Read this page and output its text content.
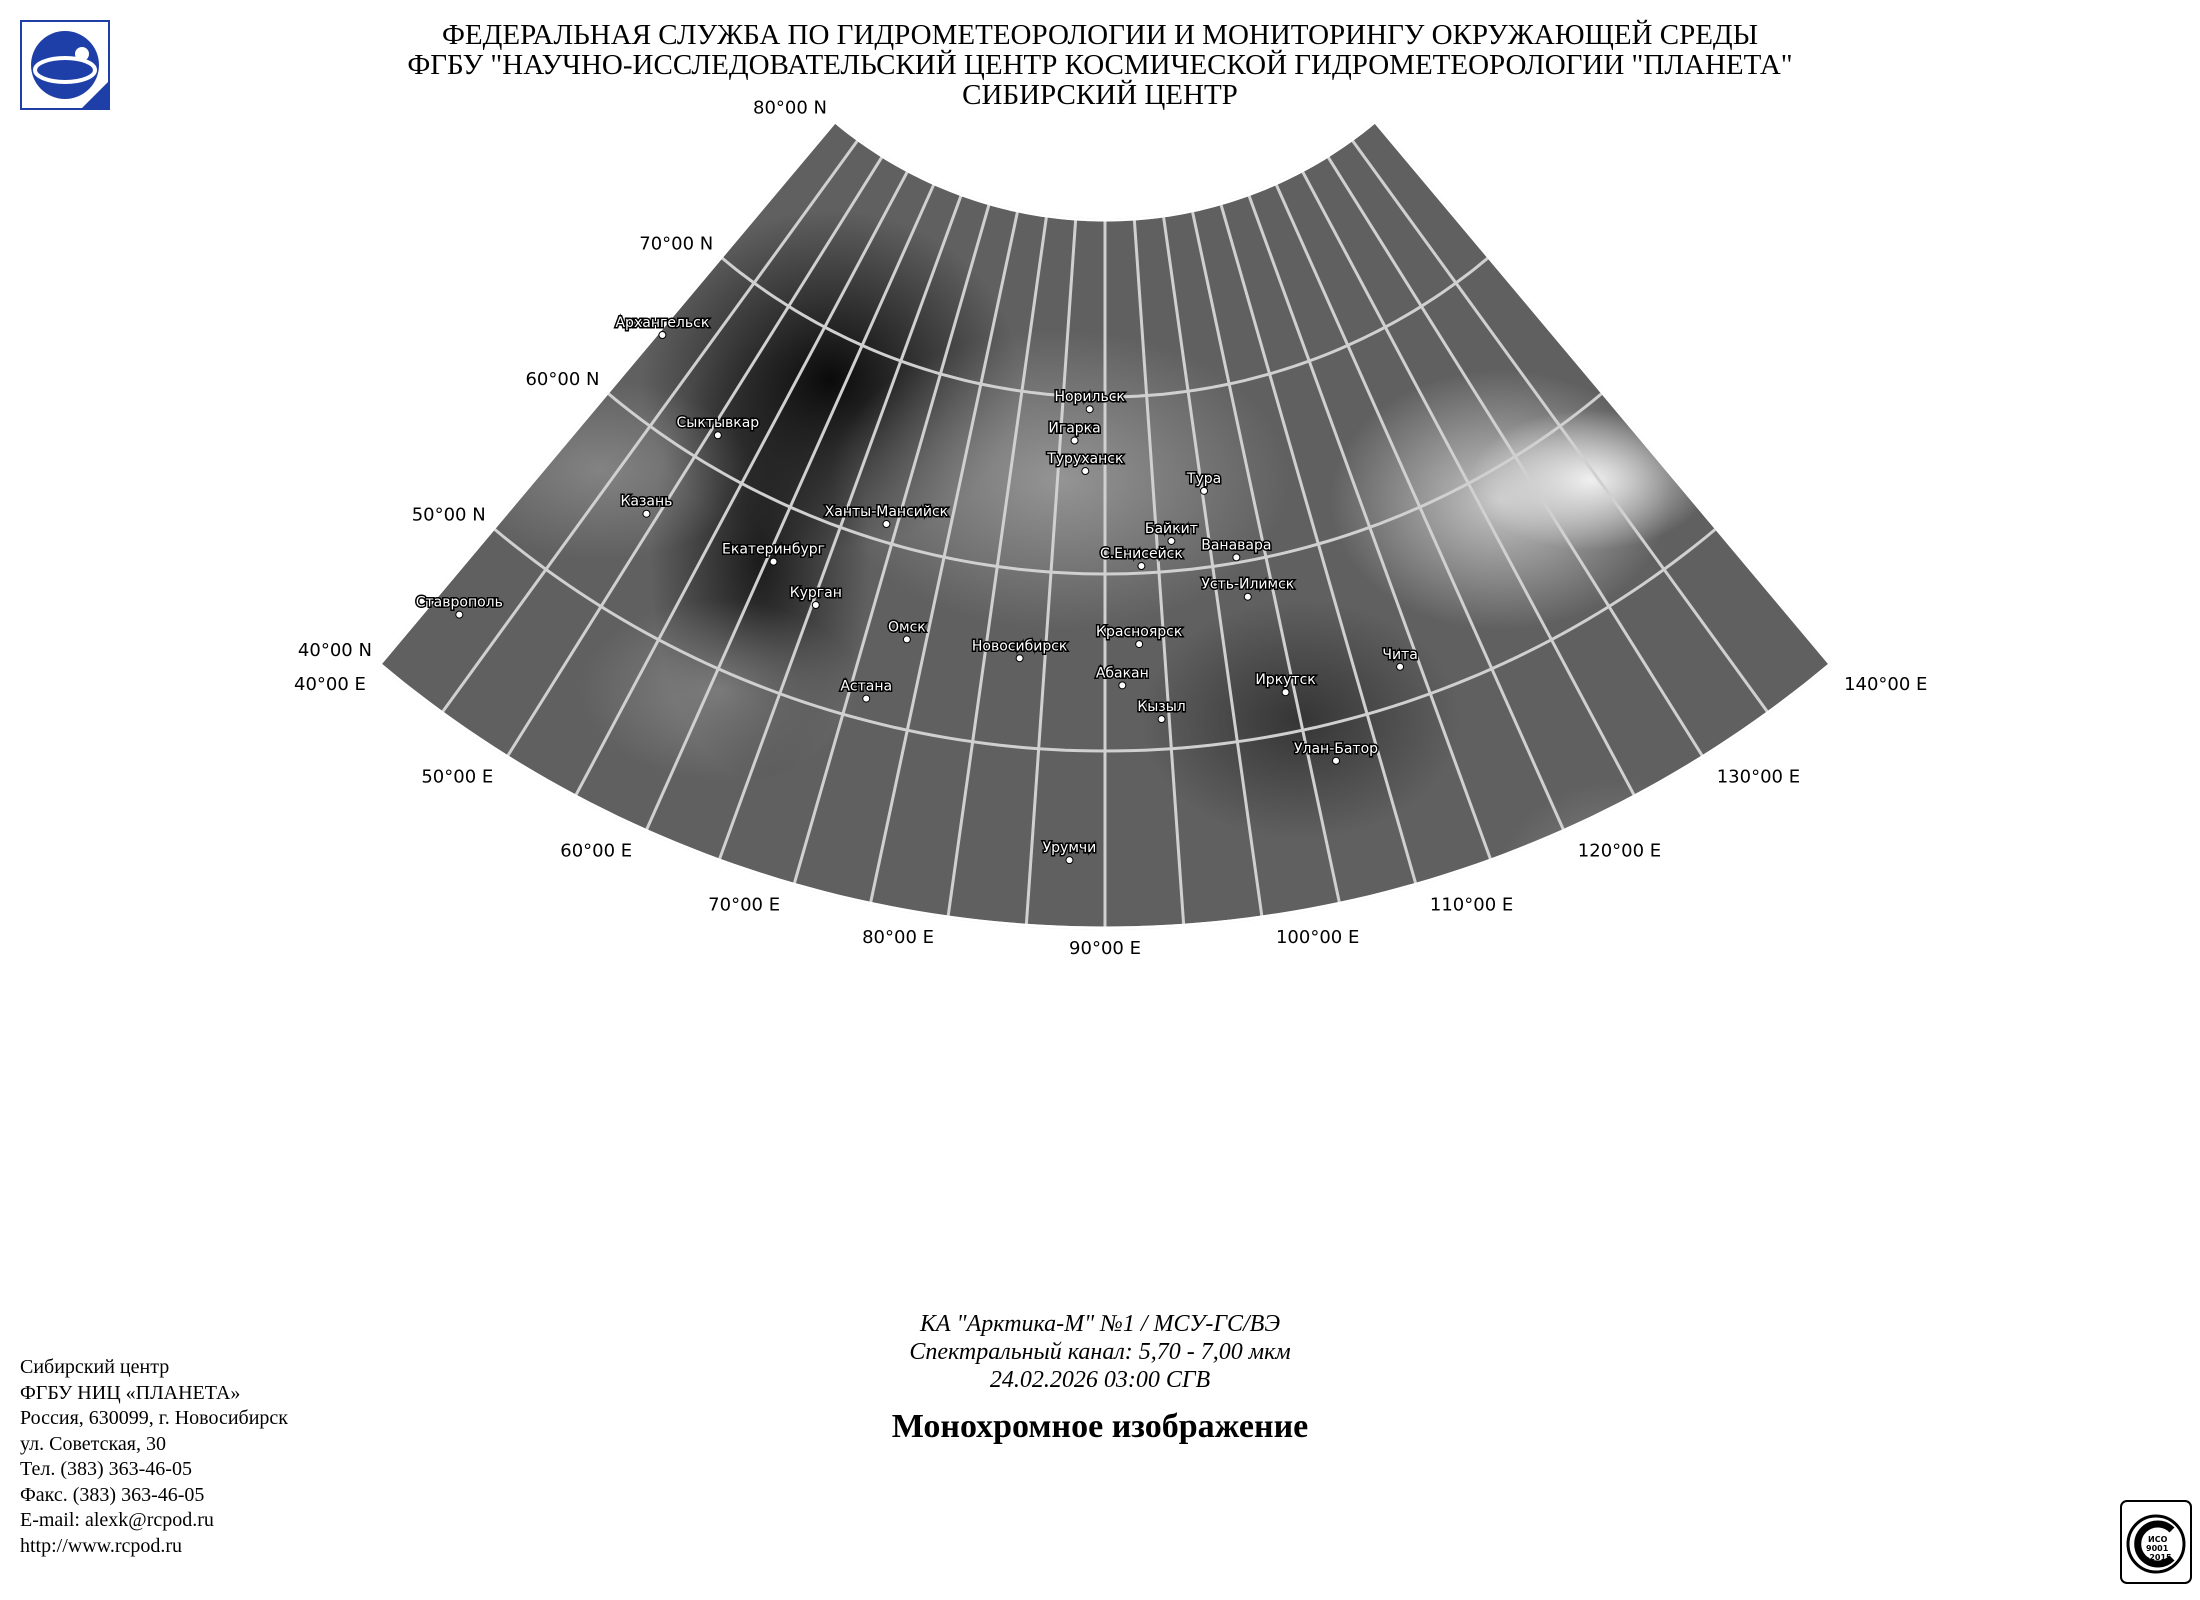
ФЕДЕРАЛЬНАЯ СЛУЖБА ПО ГИДРОМЕТЕОРОЛОГИИ И МОНИТОРИНГУ ОКРУЖАЮЩЕЙ СРЕДЫ
ФГБУ "НАУЧНО-ИССЛЕДОВАТЕЛЬСКИЙ ЦЕНТР КОСМИЧЕСКОЙ ГИДРОМЕТЕОРОЛОГИИ "ПЛАНЕТА"
СИБИРСКИЙ ЦЕНТР
80°00 N
70°00 N
60°00 N
50°00 N
40°00 N
40°00 E
50°00 E
60°00 E
70°00 E
80°00 E
90°00 E
100°00 E
110°00 E
120°00 E
130°00 E
140°00 E
Архангельск
Сыктывкар
Казань
Ставрополь
Екатеринбург
Курган
Ханты-Мансийск
Омск
Астана
Новосибирск
Норильск
Игарка
Туруханск
Тура
Байкит
С.Енисейск
Ванавара
Усть-Илимск
Красноярск
Абакан
Кызыл
Иркутск
Чита
Улан-Батор
Урумчи
КА "Арктика-М" №1 / МСУ-ГС/ВЭ
Спектральный канал: 5,70 - 7,00 мкм
24.02.2026 03:00 СГВ
Монохромное изображение
Сибирский центр
ФГБУ НИЦ «ПЛАНЕТА»
Россия, 630099, г. Новосибирск
ул. Советская, 30
Тел. (383) 363-46-05
Факс. (383) 363-46-05
E-mail: alexk@rcpod.ru
http://www.rcpod.ru	ИСО
9001
-2015
